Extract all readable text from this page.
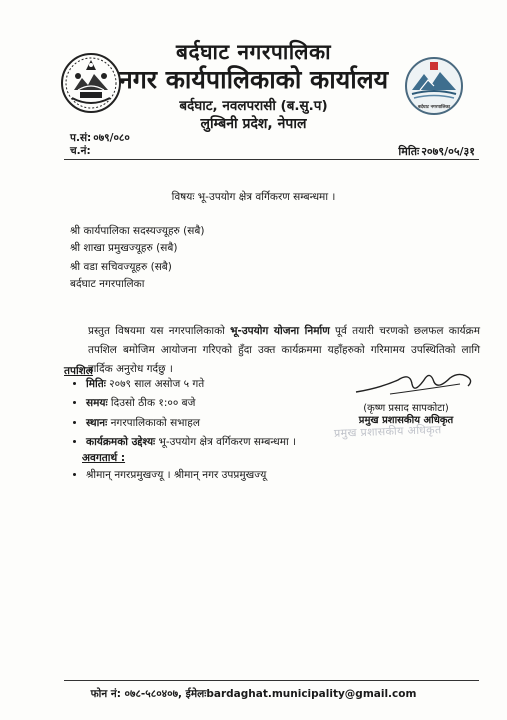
बर्दघाट नगरपालिका
बर्दघाट नगरपालिका
नगर कार्यपालिकाको कार्यालय
बर्दघाट, नवलपरासी (ब.सु.प)
लुम्बिनी प्रदेश, नेपाल
प.सं: ०७९/०८०
च.नं:	मितिः २०७९/०५/३१
विषयः भू-उपयोग क्षेत्र वर्गिकरण सम्बन्धमा ।
श्री कार्यपालिका सदस्यज्यूहरु (सबै)
श्री शाखा प्रमुखज्यूहरु (सबै)
श्री वडा सचिवज्यूहरु (सबै)
बर्दघाट नगरपालिका
प्रस्तुत विषयमा यस नगरपालिकाको भू-उपयोग योजना निर्माण पूर्व तयारी चरणको छलफल कार्यक्रम तपशिल बमोजिम आयोजना गरिएको हुँदा उक्त कार्यक्रममा यहाँहरुको गरिमामय उपस्थितिको लागि हार्दिक अनुरोध गर्दछु ।
तपशिल
• मितिः २०७९ साल असोज ५ गते
• समयः दिउसो ठीक १:०० बजे
• स्थानः नगरपालिकाको सभाहल
• कार्यक्रमको उद्देश्यः भू-उपयोग क्षेत्र वर्गिकरण सम्बन्धमा ।
(कृष्ण प्रसाद सापकोटा)
प्रमुख प्रशासकीय अधिकृत
प्रमुख प्रशासकीय अधिकृत
अवगतार्थ :
• श्रीमान् नगरप्रमुखज्यू । श्रीमान् नगर उपप्रमुखज्यू
फोन नं: ०७८-५८०४०७, ईमेलःbardaghat.municipality@gmail.com
